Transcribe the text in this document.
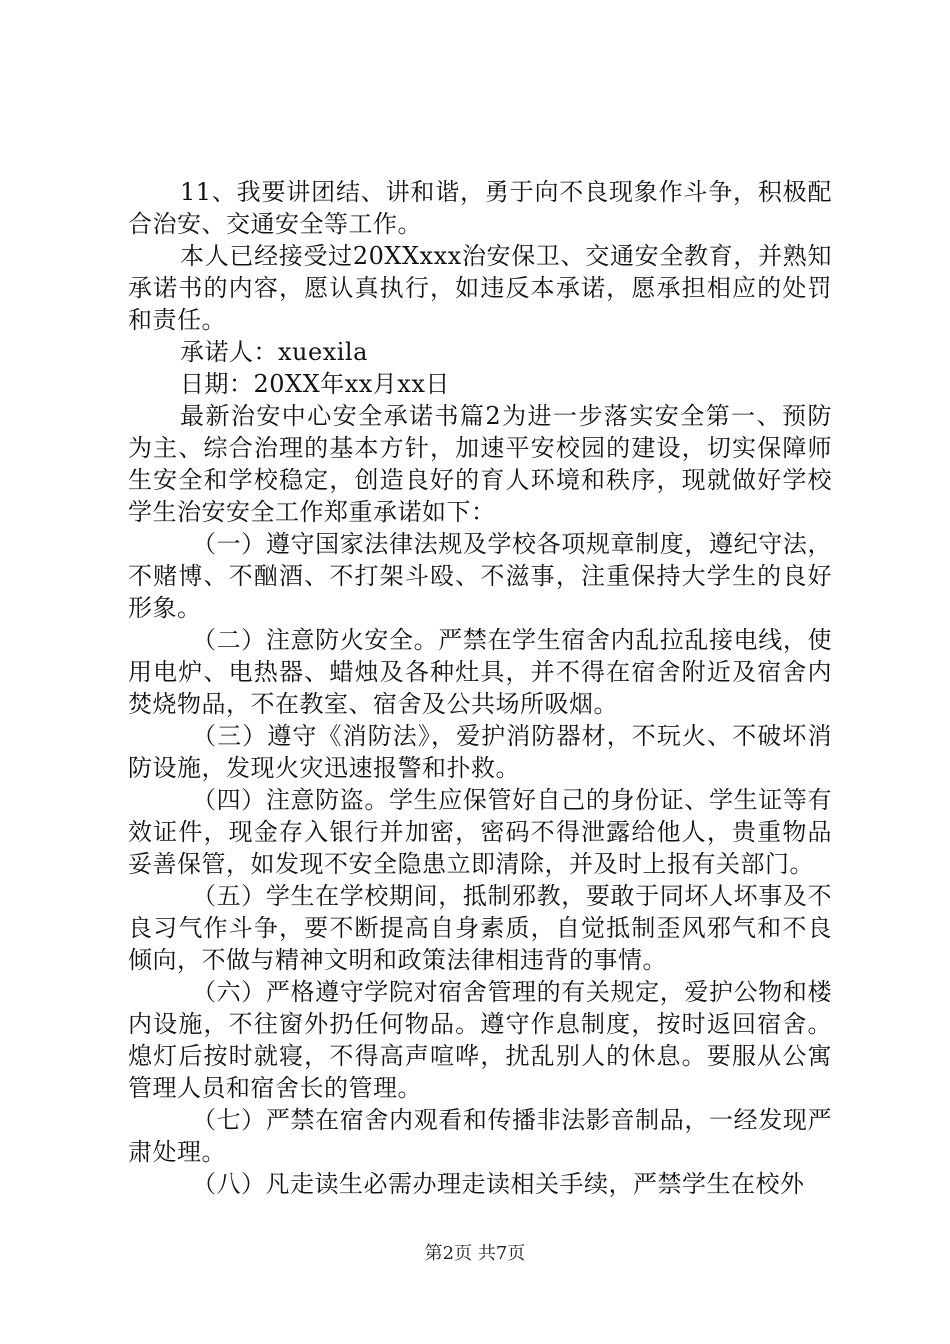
11、我要讲团结、讲和谐，勇于向不良现象作斗争，积极配合治安、交通安全等工作。

本人已经接受过20XXxxx治安保卫、交通安全教育，并熟知承诺书的内容，愿认真执行，如违反本承诺，愿承担相应的处罚和责任。

承诺人：xuexila

日期：20XX年xx月xx日

最新治安中心安全承诺书篇2为进一步落实安全第一、预防为主、综合治理的基本方针，加速平安校园的建设，切实保障师生安全和学校稳定，创造良好的育人环境和秩序，现就做好学校学生治安安全工作郑重承诺如下：

（一）遵守国家法律法规及学校各项规章制度，遵纪守法，不赌博、不酗酒、不打架斗殴、不滋事，注重保持大学生的良好形象。

（二）注意防火安全。严禁在学生宿舍内乱拉乱接电线，使用电炉、电热器、蜡烛及各种灶具，并不得在宿舍附近及宿舍内焚烧物品，不在教室、宿舍及公共场所吸烟。

（三）遵守《消防法》，爱护消防器材，不玩火、不破坏消防设施，发现火灾迅速报警和扑救。

（四）注意防盗。学生应保管好自己的身份证、学生证等有效证件，现金存入银行并加密，密码不得泄露给他人，贵重物品妥善保管，如发现不安全隐患立即清除，并及时上报有关部门。

（五）学生在学校期间，抵制邪教，要敢于同坏人坏事及不良习气作斗争，要不断提高自身素质，自觉抵制歪风邪气和不良倾向，不做与精神文明和政策法律相违背的事情。

（六）严格遵守学院对宿舍管理的有关规定，爱护公物和楼内设施，不往窗外扔任何物品。遵守作息制度，按时返回宿舍。熄灯后按时就寝，不得高声喧哗，扰乱别人的休息。要服从公寓管理人员和宿舍长的管理。

（七）严禁在宿舍内观看和传播非法影音制品，一经发现严肃处理。

（八）凡走读生必需办理走读相关手续，严禁学生在校外

第2页 共7页
